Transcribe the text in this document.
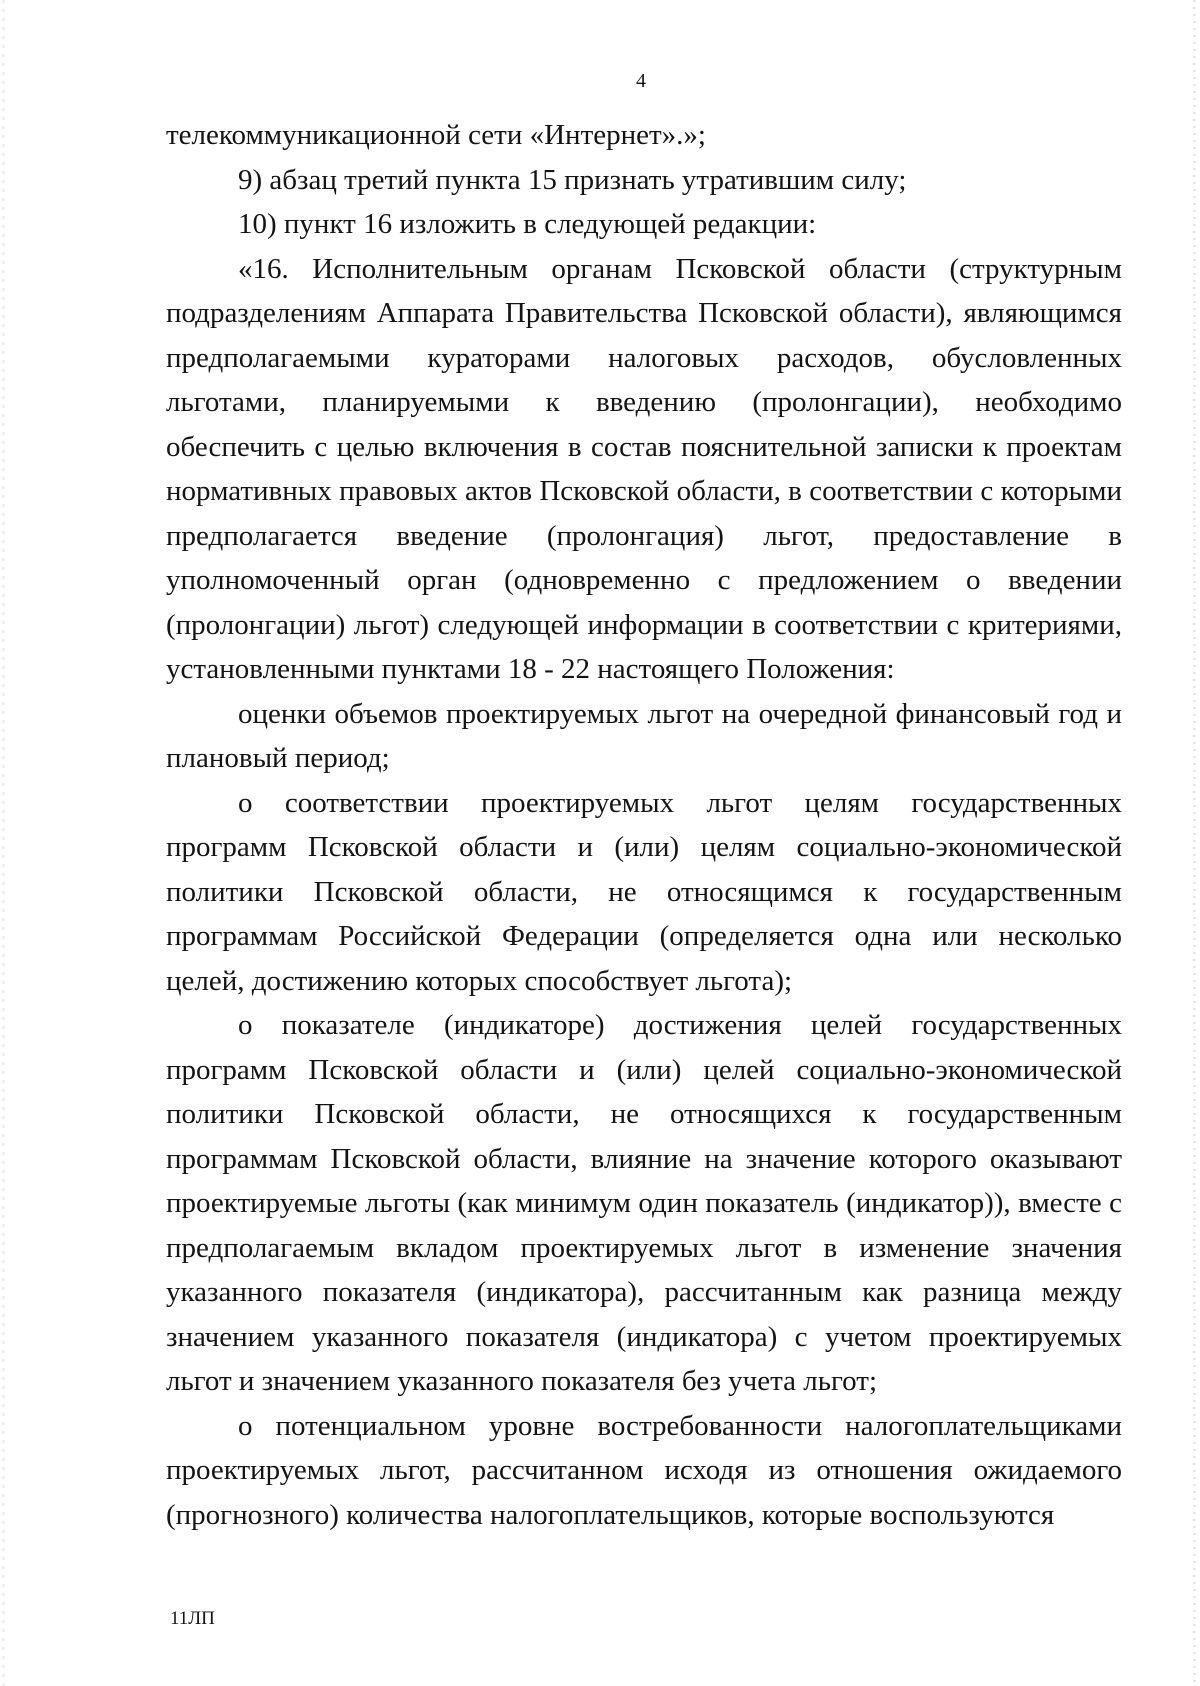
4

телекоммуникационной сети «Интернет».»;

9) абзац третий пункта 15 признать утратившим силу;

10) пункт 16 изложить в следующей редакции:

«16. Исполнительным органам Псковской области (структурным подразделениям Аппарата Правительства Псковской области), являющимся предполагаемыми кураторами налоговых расходов, обусловленных льготами, планируемыми к введению (пролонгации), необходимо обеспечить с целью включения в состав пояснительной записки к проектам нормативных правовых актов Псковской области, в соответствии с которыми предполагается введение (пролонгация) льгот, предоставление в уполномоченный орган (одновременно с предложением о введении (пролонгации) льгот) следующей информации в соответствии с критериями, установленными пунктами 18 - 22 настоящего Положения:

оценки объемов проектируемых льгот на очередной финансовый год и плановый период;

о соответствии проектируемых льгот целям государственных программ Псковской области и (или) целям социально-экономической политики Псковской области, не относящимся к государственным программам Российской Федерации (определяется одна или несколько целей, достижению которых способствует льгота);

о показателе (индикаторе) достижения целей государственных программ Псковской области и (или) целей социально-экономической политики Псковской области, не относящихся к государственным программам Псковской области, влияние на значение которого оказывают проектируемые льготы (как минимум один показатель (индикатор)), вместе с предполагаемым вкладом проектируемых льгот в изменение значения указанного показателя (индикатора), рассчитанным как разница между значением указанного показателя (индикатора) с учетом проектируемых льгот и значением указанного показателя без учета льгот;

о потенциальном уровне востребованности налогоплательщиками проектируемых льгот, рассчитанном исходя из отношения ожидаемого (прогнозного) количества налогоплательщиков, которые воспользуются

11ЛП
